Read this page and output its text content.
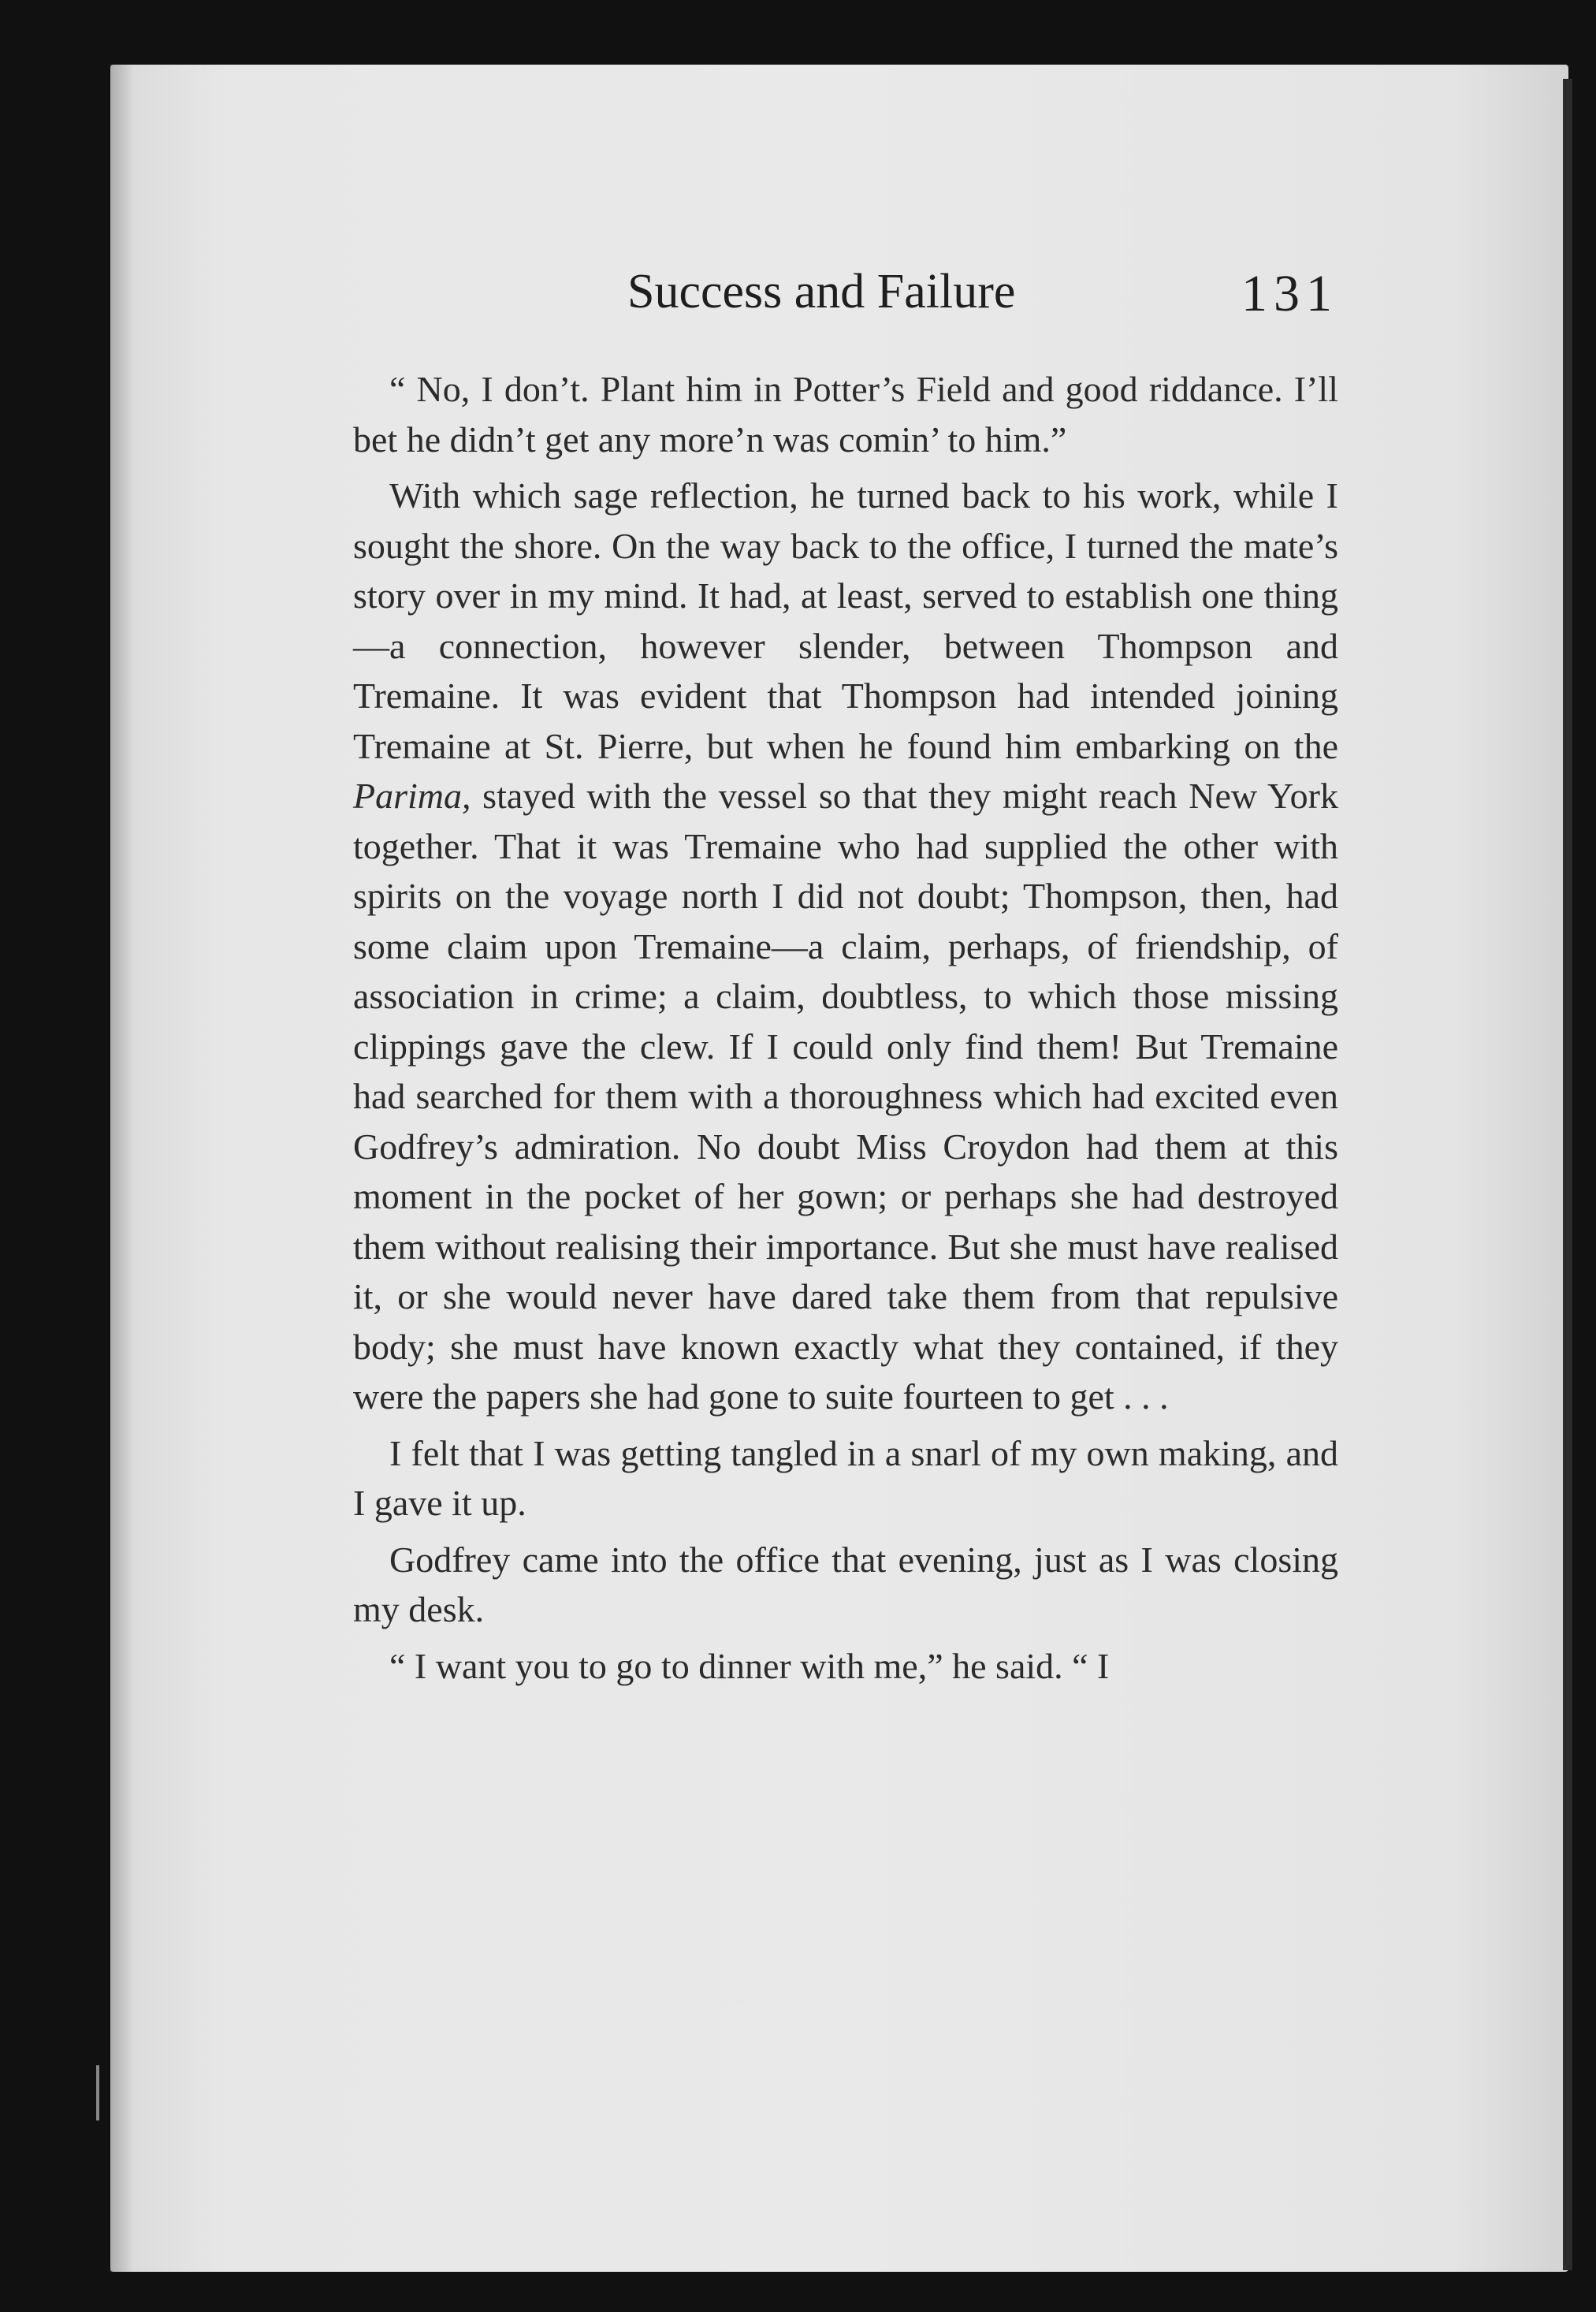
Success and Failure	131

“ No, I don’t. Plant him in Potter’s Field and good riddance. I’ll bet he didn’t get any more’n was comin’ to him.”

With which sage reflection, he turned back to his work, while I sought the shore. On the way back to the office, I turned the mate’s story over in my mind. It had, at least, served to establish one thing—a connection, however slender, between Thompson and Tremaine. It was evident that Thompson had intended joining Tremaine at St. Pierre, but when he found him embarking on the Parima, stayed with the vessel so that they might reach New York together. That it was Tremaine who had supplied the other with spirits on the voyage north I did not doubt; Thompson, then, had some claim upon Tremaine—a claim, perhaps, of friendship, of association in crime; a claim, doubtless, to which those missing clippings gave the clew. If I could only find them! But Tremaine had searched for them with a thoroughness which had excited even Godfrey’s admiration. No doubt Miss Croydon had them at this moment in the pocket of her gown; or perhaps she had destroyed them without realising their importance. But she must have realised it, or she would never have dared take them from that repulsive body; she must have known exactly what they contained, if they were the papers she had gone to suite fourteen to get . . .

I felt that I was getting tangled in a snarl of my own making, and I gave it up.

Godfrey came into the office that evening, just as I was closing my desk.

“ I want you to go to dinner with me,” he said. “ I
